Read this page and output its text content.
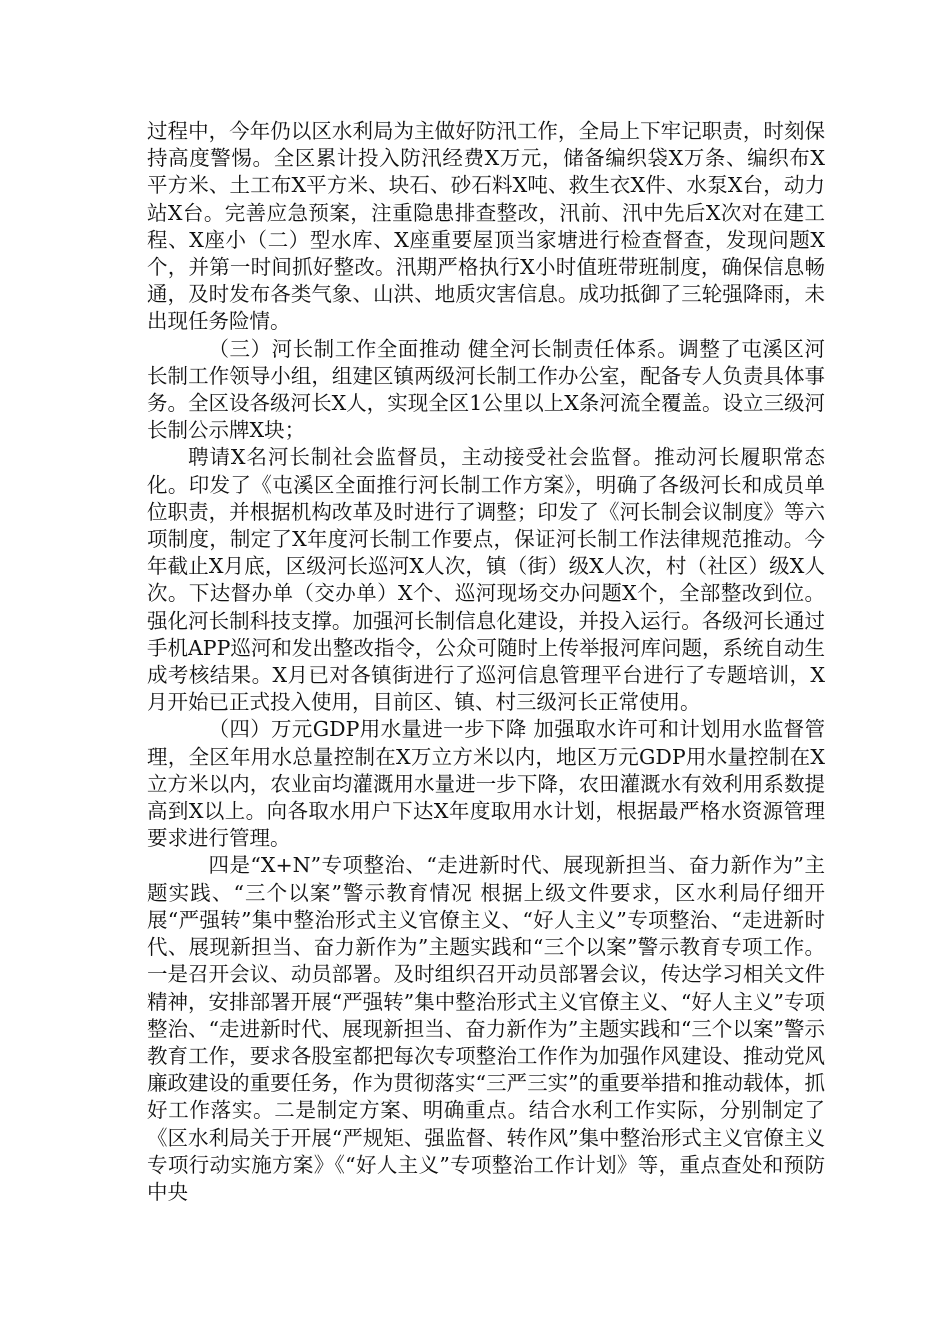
过程中，今年仍以区水利局为主做好防汛工作，全局上下牢记职责，时刻保持高度警惕。全区累计投入防汛经费X万元，储备编织袋X万条、编织布X平方米、土工布X平方米、块石、砂石料X吨、救生衣X件、水泵X台，动力站X台。完善应急预案，注重隐患排查整改，汛前、汛中先后X次对在建工程、X座小（二）型水库、X座重要屋顶当家塘进行检查督查，发现问题X个，并第一时间抓好整改。汛期严格执行X小时值班带班制度，确保信息畅通，及时发布各类气象、山洪、地质灾害信息。成功抵御了三轮强降雨，未出现任务险情。

（三）河长制工作全面推动 健全河长制责任体系。调整了屯溪区河长制工作领导小组，组建区镇两级河长制工作办公室，配备专人负责具体事务。全区设各级河长X人，实现全区1公里以上X条河流全覆盖。设立三级河长制公示牌X块；

聘请X名河长制社会监督员，主动接受社会监督。推动河长履职常态化。印发了《屯溪区全面推行河长制工作方案》，明确了各级河长和成员单位职责，并根据机构改革及时进行了调整；印发了《河长制会议制度》等六项制度，制定了X年度河长制工作要点，保证河长制工作法律规范推动。今年截止X月底，区级河长巡河X人次，镇（街）级X人次，村（社区）级X人次。下达督办单（交办单）X个、巡河现场交办问题X个，全部整改到位。强化河长制科技支撑。加强河长制信息化建设，并投入运行。各级河长通过手机APP巡河和发出整改指令，公众可随时上传举报河库问题，系统自动生成考核结果。X月已对各镇街进行了巡河信息管理平台进行了专题培训，X月开始已正式投入使用，目前区、镇、村三级河长正常使用。

（四）万元GDP用水量进一步下降 加强取水许可和计划用水监督管理，全区年用水总量控制在X万立方米以内，地区万元GDP用水量控制在X立方米以内，农业亩均灌溉用水量进一步下降，农田灌溉水有效利用系数提高到X以上。向各取水用户下达X年度取用水计划，根据最严格水资源管理要求进行管理。

四是“X+N”专项整治、“走进新时代、展现新担当、奋力新作为”主题实践、“三个以案”警示教育情况 根据上级文件要求，区水利局仔细开展“严强转”集中整治形式主义官僚主义、“好人主义”专项整治、“走进新时代、展现新担当、奋力新作为”主题实践和“三个以案”警示教育专项工作。一是召开会议、动员部署。及时组织召开动员部署会议，传达学习相关文件精神，安排部署开展“严强转”集中整治形式主义官僚主义、“好人主义”专项整治、“走进新时代、展现新担当、奋力新作为”主题实践和“三个以案”警示教育工作，要求各股室都把每次专项整治工作作为加强作风建设、推动党风廉政建设的重要任务，作为贯彻落实“三严三实”的重要举措和推动载体，抓好工作落实。二是制定方案、明确重点。结合水利工作实际，分别制定了《区水利局关于开展“严规矩、强监督、转作风”集中整治形式主义官僚主义专项行动实施方案》《“好人主义”专项整治工作计划》等，重点查处和预防中央
